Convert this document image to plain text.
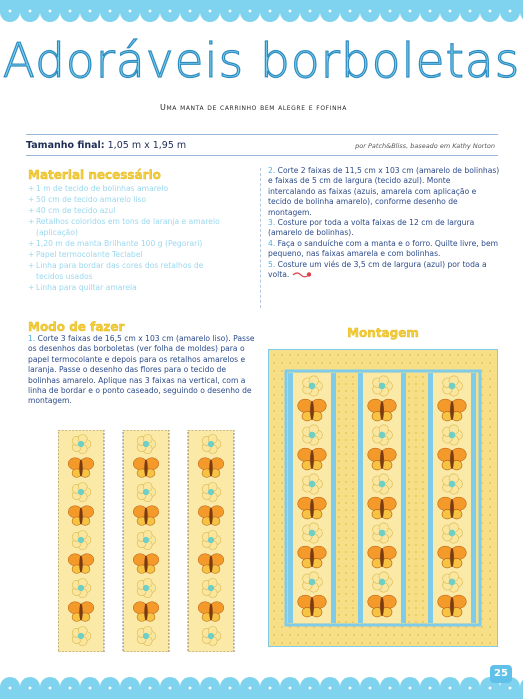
Adoráveis borboletas
Uma manta de carrinho bem alegre e fofinha
Tamanho final: 1,05 m x 1,95 m	por Patch&Bliss, baseado em Kathy Norton
Material necessário
+ 1 m de tecido de bolinhas amarelo
+ 50 cm de tecido amarelo liso
+ 40 cm de tecido azul
+ Retalhos coloridos em tons de laranja e amarelo (aplicação)
+ 1,20 m de manta Brilhante 100 g (Pegorari)
+ Papel termocolante Teclabel
+ Linha para bordar das cores dos retalhos de tecidos usados
+ Linha para quiltar amarela
Modo de fazer

1. Corte 3 faixas de 16,5 cm x 103 cm (amarelo liso). Passe os desenhos das borboletas (ver folha de moldes) para o papel termocolante e depois para os retalhos amarelos e laranja. Passe o desenho das flores para o tecido de bolinhas amarelo. Aplique nas 3 faixas na vertical, com a linha de bordar e o ponto caseado, seguindo o desenho de montagem.

2. Corte 2 faixas de 11,5 cm x 103 cm (amarelo de bolinhas) e faixas de 5 cm de largura (tecido azul). Monte intercalando as faixas (azuis, amarela com aplicação e tecido de bolinha amarelo), conforme desenho de montagem.

3. Costure por toda a volta faixas de 12 cm de largura (amarelo de bolinhas).

4. Faça o sanduíche com a manta e o forro. Quilte livre, bem pequeno, nas faixas amarela e com bolinhas.

5. Costure um viés de 3,5 cm de largura (azul) por toda a volta.

Montagem
25
